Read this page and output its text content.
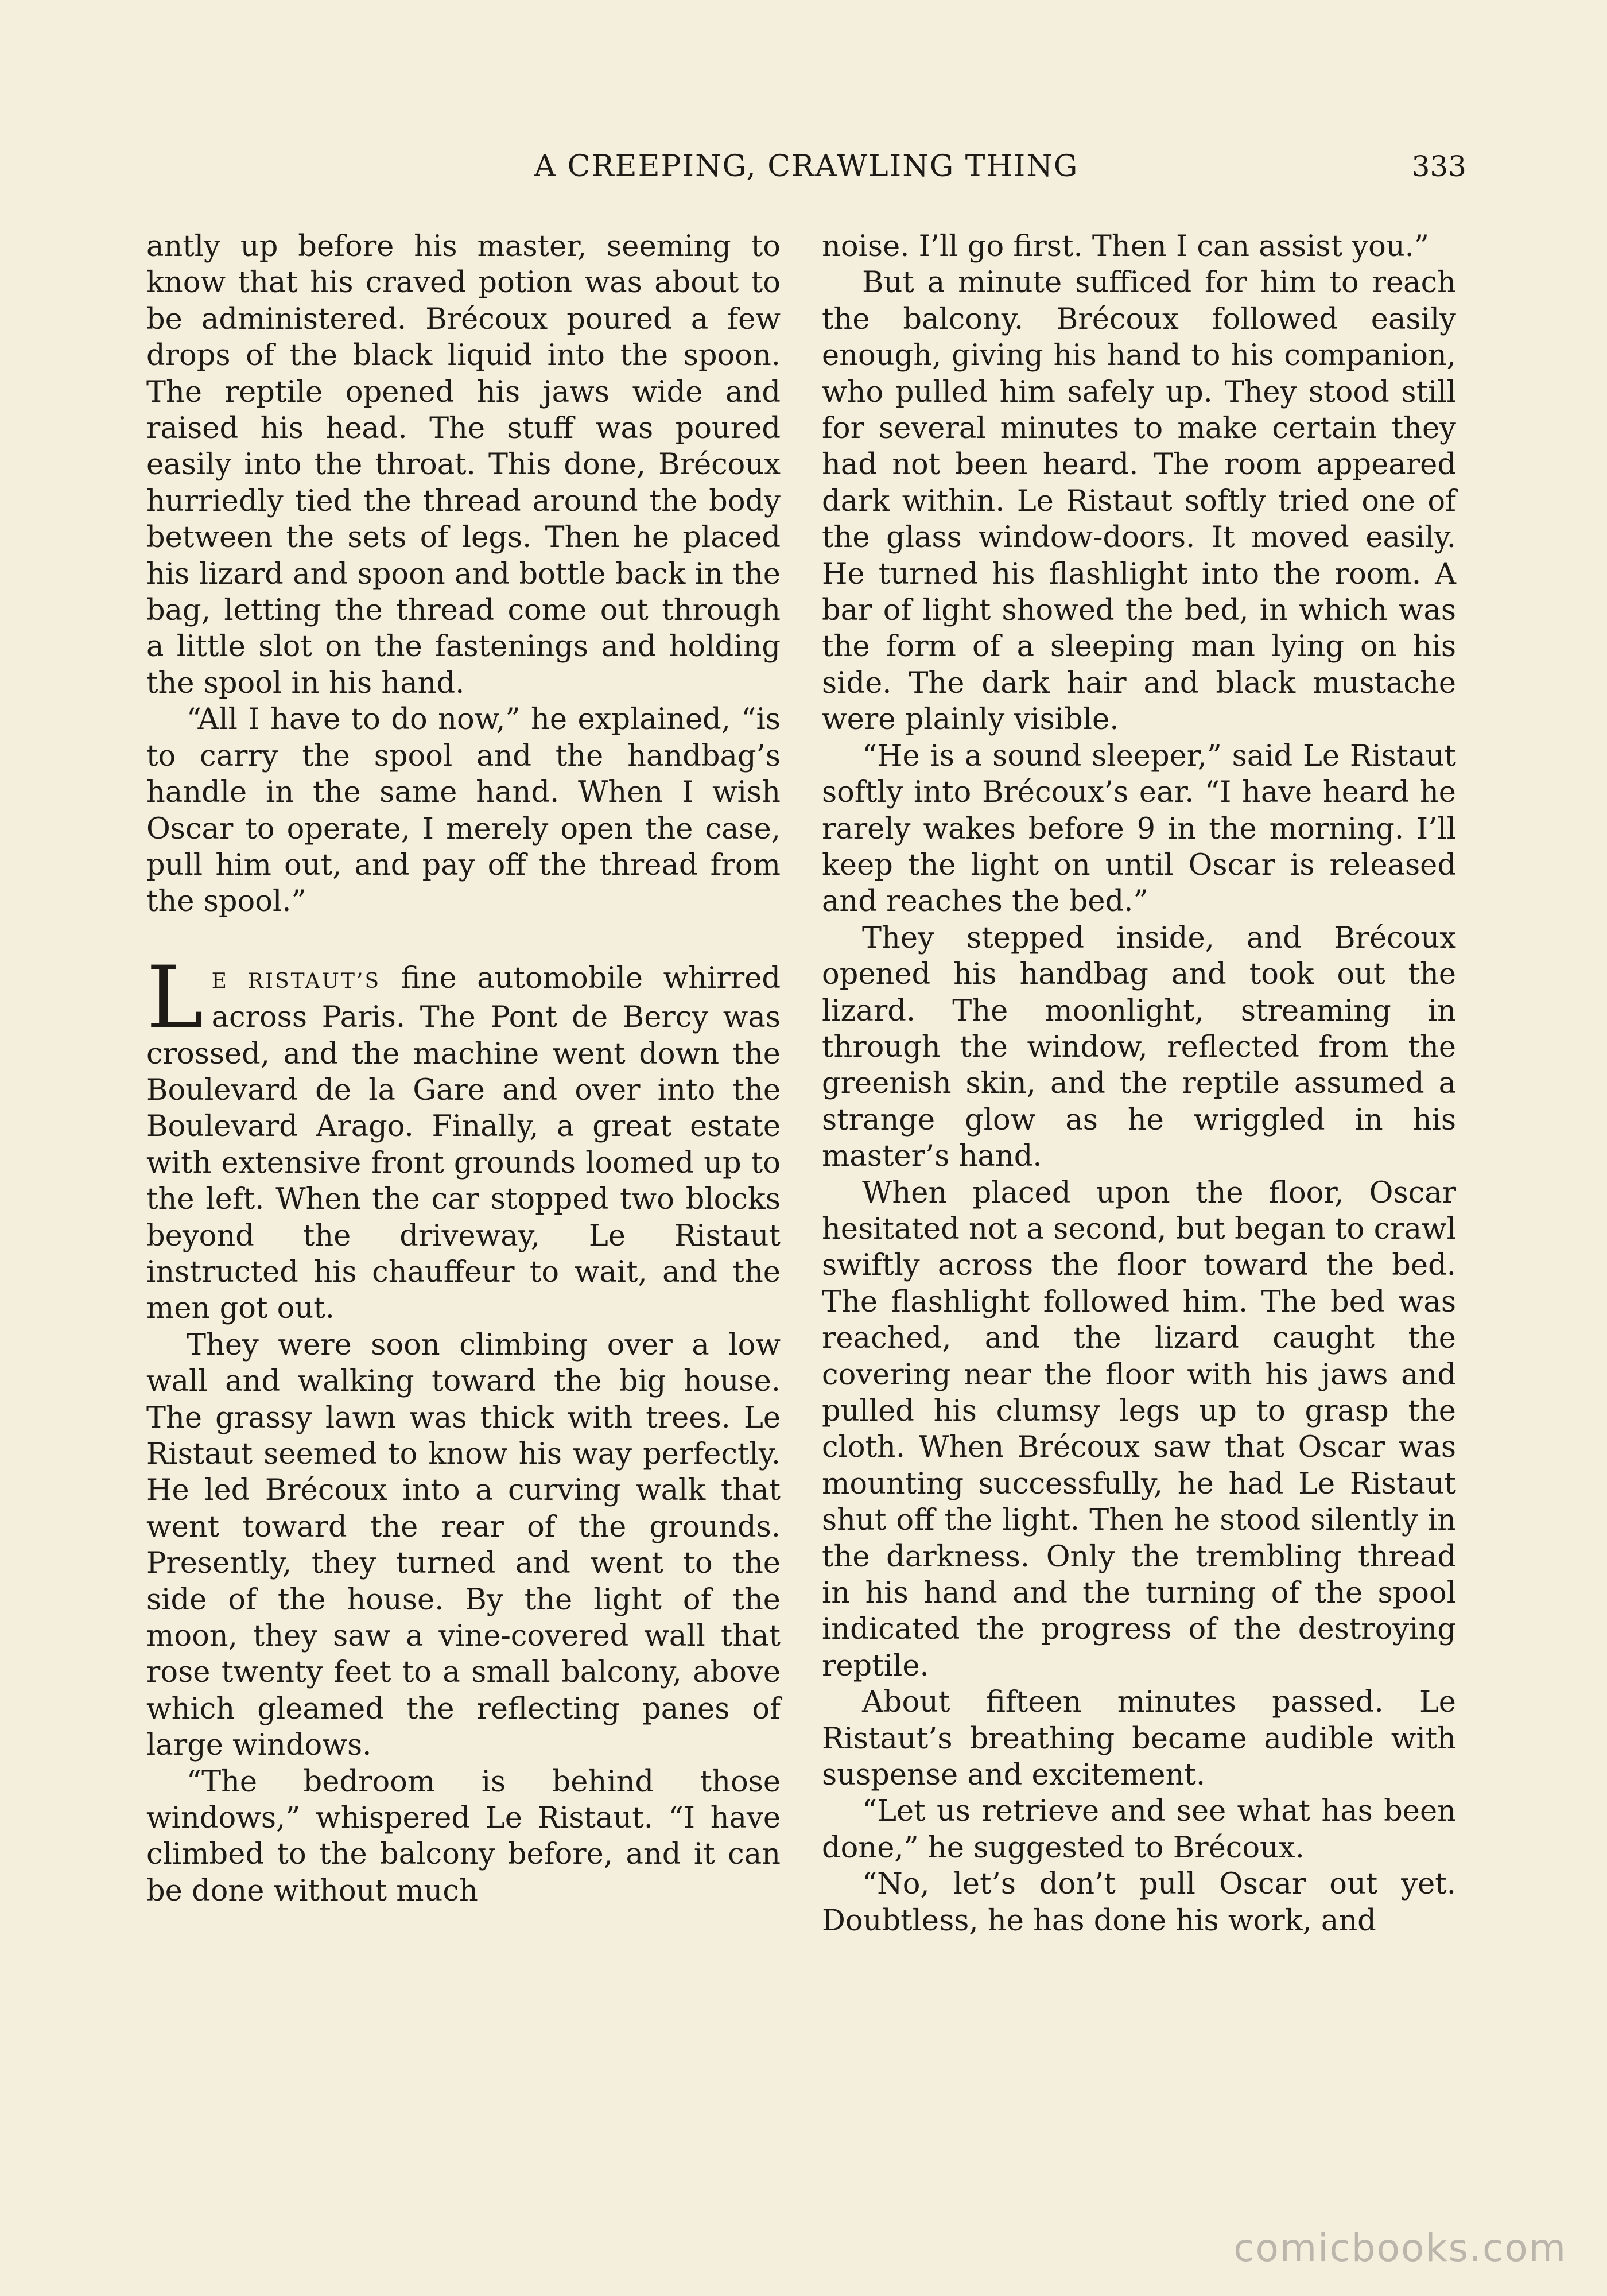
A CREEPING, CRAWLING THING	333

antly up before his master, seeming to know that his craved potion was about to be administered. Brécoux poured a few drops of the black liquid into the spoon. The reptile opened his jaws wide and raised his head. The stuff was poured easily into the throat. This done, Brécoux hurriedly tied the thread around the body between the sets of legs. Then he placed his lizard and spoon and bottle back in the bag, letting the thread come out through a little slot on the fastenings and holding the spool in his hand.

“All I have to do now,” he explained, “is to carry the spool and the handbag’s handle in the same hand. When I wish Oscar to operate, I merely open the case, pull him out, and pay off the thread from the spool.”

LE RISTAUT’S fine automobile whirred across Paris. The Pont de Bercy was crossed, and the machine went down the Boulevard de la Gare and over into the Boulevard Arago. Finally, a great estate with extensive front grounds loomed up to the left. When the car stopped two blocks beyond the driveway, Le Ristaut instructed his chauffeur to wait, and the men got out.

They were soon climbing over a low wall and walking toward the big house. The grassy lawn was thick with trees. Le Ristaut seemed to know his way perfectly. He led Brécoux into a curving walk that went toward the rear of the grounds. Presently, they turned and went to the side of the house. By the light of the moon, they saw a vine-covered wall that rose twenty feet to a small balcony, above which gleamed the reflecting panes of large windows.

“The bedroom is behind those windows,” whispered Le Ristaut. “I have climbed to the balcony before, and it can be done without much

noise. I’ll go first. Then I can assist you.”

But a minute sufficed for him to reach the balcony. Brécoux followed easily enough, giving his hand to his companion, who pulled him safely up. They stood still for several minutes to make certain they had not been heard. The room appeared dark within. Le Ristaut softly tried one of the glass window-doors. It moved easily. He turned his flashlight into the room. A bar of light showed the bed, in which was the form of a sleeping man lying on his side. The dark hair and black mustache were plainly visible.

“He is a sound sleeper,” said Le Ristaut softly into Brécoux’s ear. “I have heard he rarely wakes before 9 in the morning. I’ll keep the light on until Oscar is released and reaches the bed.”

They stepped inside, and Brécoux opened his handbag and took out the lizard. The moonlight, streaming in through the window, reflected from the greenish skin, and the reptile assumed a strange glow as he wriggled in his master’s hand.

When placed upon the floor, Oscar hesitated not a second, but began to crawl swiftly across the floor toward the bed. The flashlight followed him. The bed was reached, and the lizard caught the covering near the floor with his jaws and pulled his clumsy legs up to grasp the cloth. When Brécoux saw that Oscar was mounting successfully, he had Le Ristaut shut off the light. Then he stood silently in the darkness. Only the trembling thread in his hand and the turning of the spool indicated the progress of the destroying reptile.

About fifteen minutes passed. Le Ristaut’s breathing became audible with suspense and excitement.

“Let us retrieve and see what has been done,” he suggested to Brécoux.

“No, let’s don’t pull Oscar out yet. Doubtless, he has done his work, and

comicbooks.com
